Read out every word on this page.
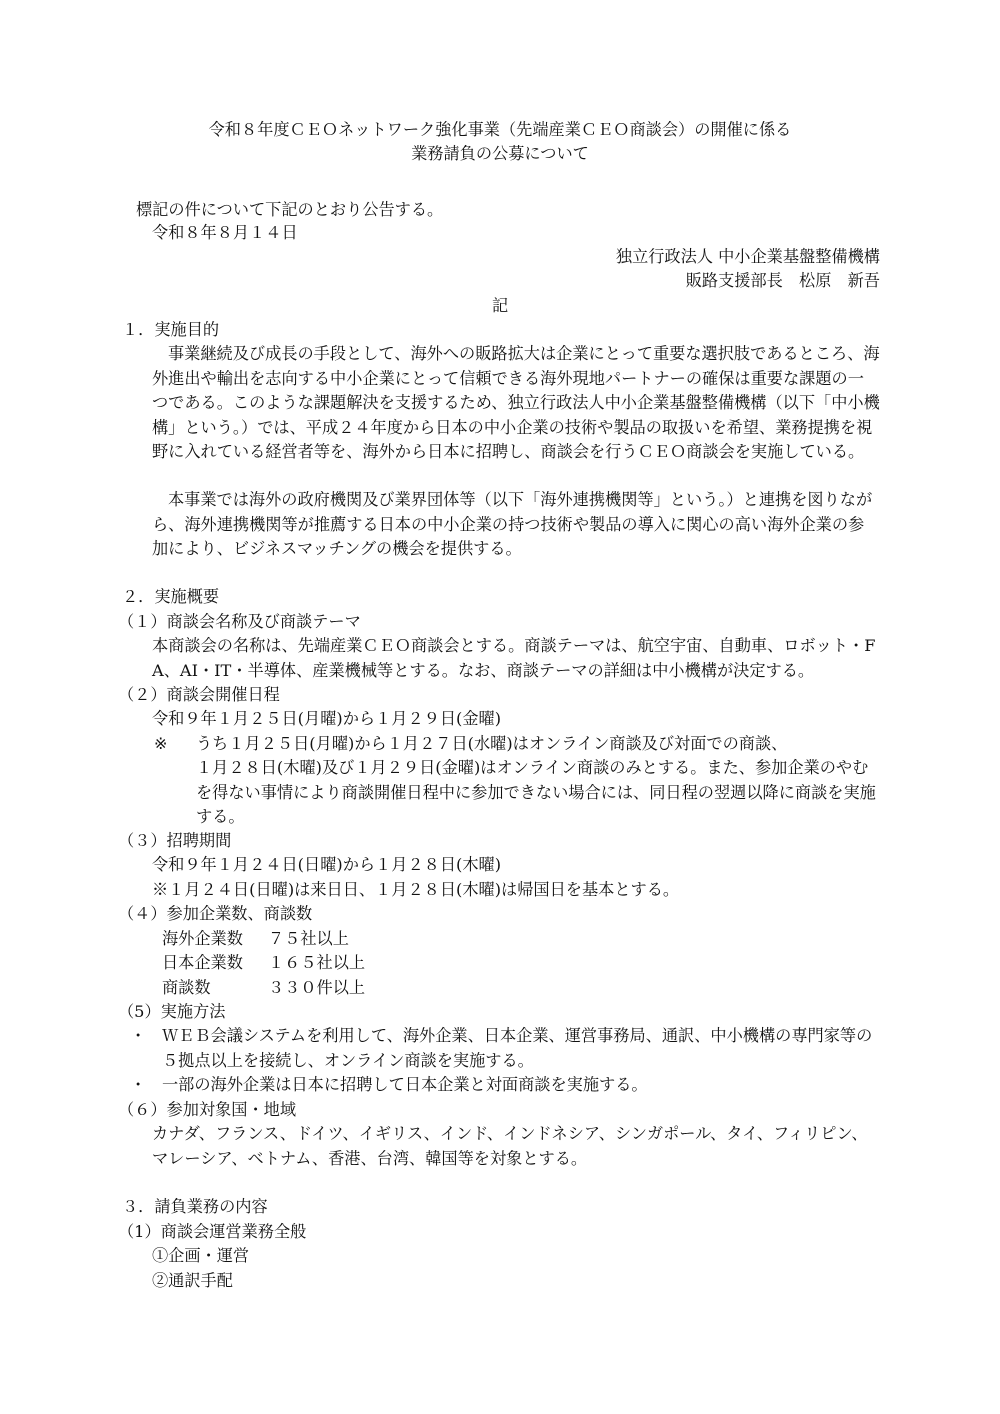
令和８年度ＣＥＯネットワーク強化事業（先端産業ＣＥＯ商談会）の開催に係る
業務請負の公募について
標記の件について下記のとおり公告する。
令和８年８月１４日
独立行政法人 中小企業基盤整備機構
販路支援部長　松原　新吾
記
１．実施目的
事業継続及び成長の手段として、海外への販路拡大は企業にとって重要な選択肢であるところ、海外進出や輸出を志向する中小企業にとって信頼できる海外現地パートナーの確保は重要な課題の一つである。このような課題解決を支援するため、独立行政法人中小企業基盤整備機構（以下「中小機構」という。）では、平成２４年度から日本の中小企業の技術や製品の取扱いを希望、業務提携を視野に入れている経営者等を、海外から日本に招聘し、商談会を行うＣＥＯ商談会を実施している。
本事業では海外の政府機関及び業界団体等（以下「海外連携機関等」という。）と連携を図りながら、海外連携機関等が推薦する日本の中小企業の持つ技術や製品の導入に関心の高い海外企業の参加により、ビジネスマッチングの機会を提供する。
２．実施概要
（１）商談会名称及び商談テーマ
本商談会の名称は、先端産業ＣＥＯ商談会とする。商談テーマは、航空宇宙、自動車、ロボット・FA、AI・IT・半導体、産業機械等とする。なお、商談テーマの詳細は中小機構が決定する。
（２）商談会開催日程
令和９年１月２５日(月曜)から１月２９日(金曜)
※ うち１月２５日(月曜)から１月２７日(水曜)はオンライン商談及び対面での商談、
１月２８日(木曜)及び１月２９日(金曜)はオンライン商談のみとする。また、参加企業のやむを得ない事情により商談開催日程中に参加できない場合には、同日程の翌週以降に商談を実施する。
（３）招聘期間
令和９年１月２４日(日曜)から１月２８日(木曜)
※１月２４日(日曜)は来日日、１月２８日(木曜)は帰国日を基本とする。
（４）参加企業数、商談数
海外企業数 ７５社以上
日本企業数 １６５社以上
商談数	３３０件以上
（5）実施方法
・ ＷＥＢ会議システムを利用して、海外企業、日本企業、運営事務局、通訳、中小機構の専門家等の５拠点以上を接続し、オンライン商談を実施する。
・ 一部の海外企業は日本に招聘して日本企業と対面商談を実施する。
（６）参加対象国・地域
カナダ、フランス、ドイツ、イギリス、インド、インドネシア、シンガポール、タイ、フィリピン、マレーシア、ベトナム、香港、台湾、韓国等を対象とする。
３．請負業務の内容
（1）商談会運営業務全般
①企画・運営
②通訳手配
